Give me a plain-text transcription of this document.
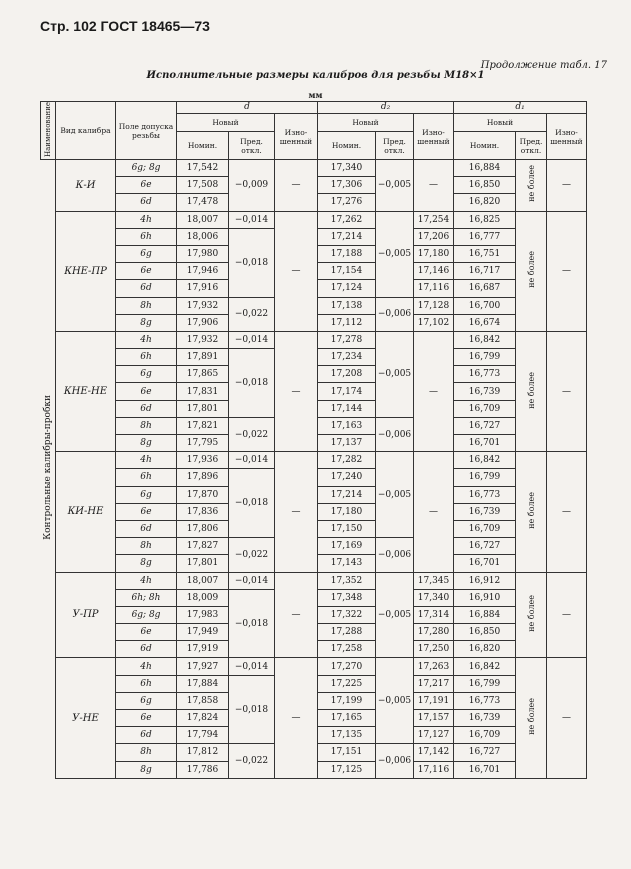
Стр. 102 ГОСТ 18465—73
Продолжение табл. 17
Исполнительные размеры калибров для резьбы М18×1
мм
Наименование	Вид калибра	Поле допуска резьбы	d			d₂			d₁		
			Новый		Изно-шенный	Новый		Изно-шенный	Новый		Изно-шенный
			Номин.	Пред. откл.		Номин.	Пред. откл.		Номин.	Пред. откл.	
Контрольные калибры-пробки	К-И	6g; 8g	17,542	−0,009	—	17,340	−0,005	—	16,884	не более	—
		6e	17,508			17,306			16,850		
		6d	17,478			17,276			16,820		
	КНЕ-ПР	4h	18,007	−0,014	—	17,262	−0,005	17,254	16,825	не более	—
		6h	18,006	−0,018		17,214		17,206	16,777		
		6g	17,980			17,188		17,180	16,751		
		6e	17,946			17,154		17,146	16,717		
		6d	17,916			17,124		17,116	16,687		
		8h	17,932	−0,022		17,138	−0,006	17,128	16,700		
		8g	17,906			17,112		17,102	16,674		
	КНЕ-НЕ	4h	17,932	−0,014	—	17,278	−0,005	—	16,842	не более	—
		6h	17,891	−0,018		17,234			16,799		
		6g	17,865			17,208			16,773		
		6e	17,831			17,174			16,739		
		6d	17,801			17,144			16,709		
		8h	17,821	−0,022		17,163	−0,006		16,727		
		8g	17,795			17,137			16,701		
	КИ-НЕ	4h	17,936	−0,014	—	17,282	−0,005	—	16,842	не более	—
		6h	17,896	−0,018		17,240			16,799		
		6g	17,870			17,214			16,773		
		6e	17,836			17,180			16,739		
		6d	17,806			17,150			16,709		
		8h	17,827	−0,022		17,169	−0,006		16,727		
		8g	17,801			17,143			16,701		
	У-ПР	4h	18,007	−0,014	—	17,352	−0,005	17,345	16,912	не более	—
		6h; 8h	18,009	−0,018		17,348		17,340	16,910		
		6g; 8g	17,983			17,322		17,314	16,884		
		6e	17,949			17,288		17,280	16,850		
		6d	17,919			17,258		17,250	16,820		
	У-НЕ	4h	17,927	−0,014	—	17,270	−0,005	17,263	16,842	не более	—
		6h	17,884	−0,018		17,225		17,217	16,799		
		6g	17,858			17,199		17,191	16,773		
		6e	17,824			17,165		17,157	16,739		
		6d	17,794			17,135		17,127	16,709		
		8h	17,812	−0,022		17,151	−0,006	17,142	16,727		
		8g	17,786			17,125		17,116	16,701		
